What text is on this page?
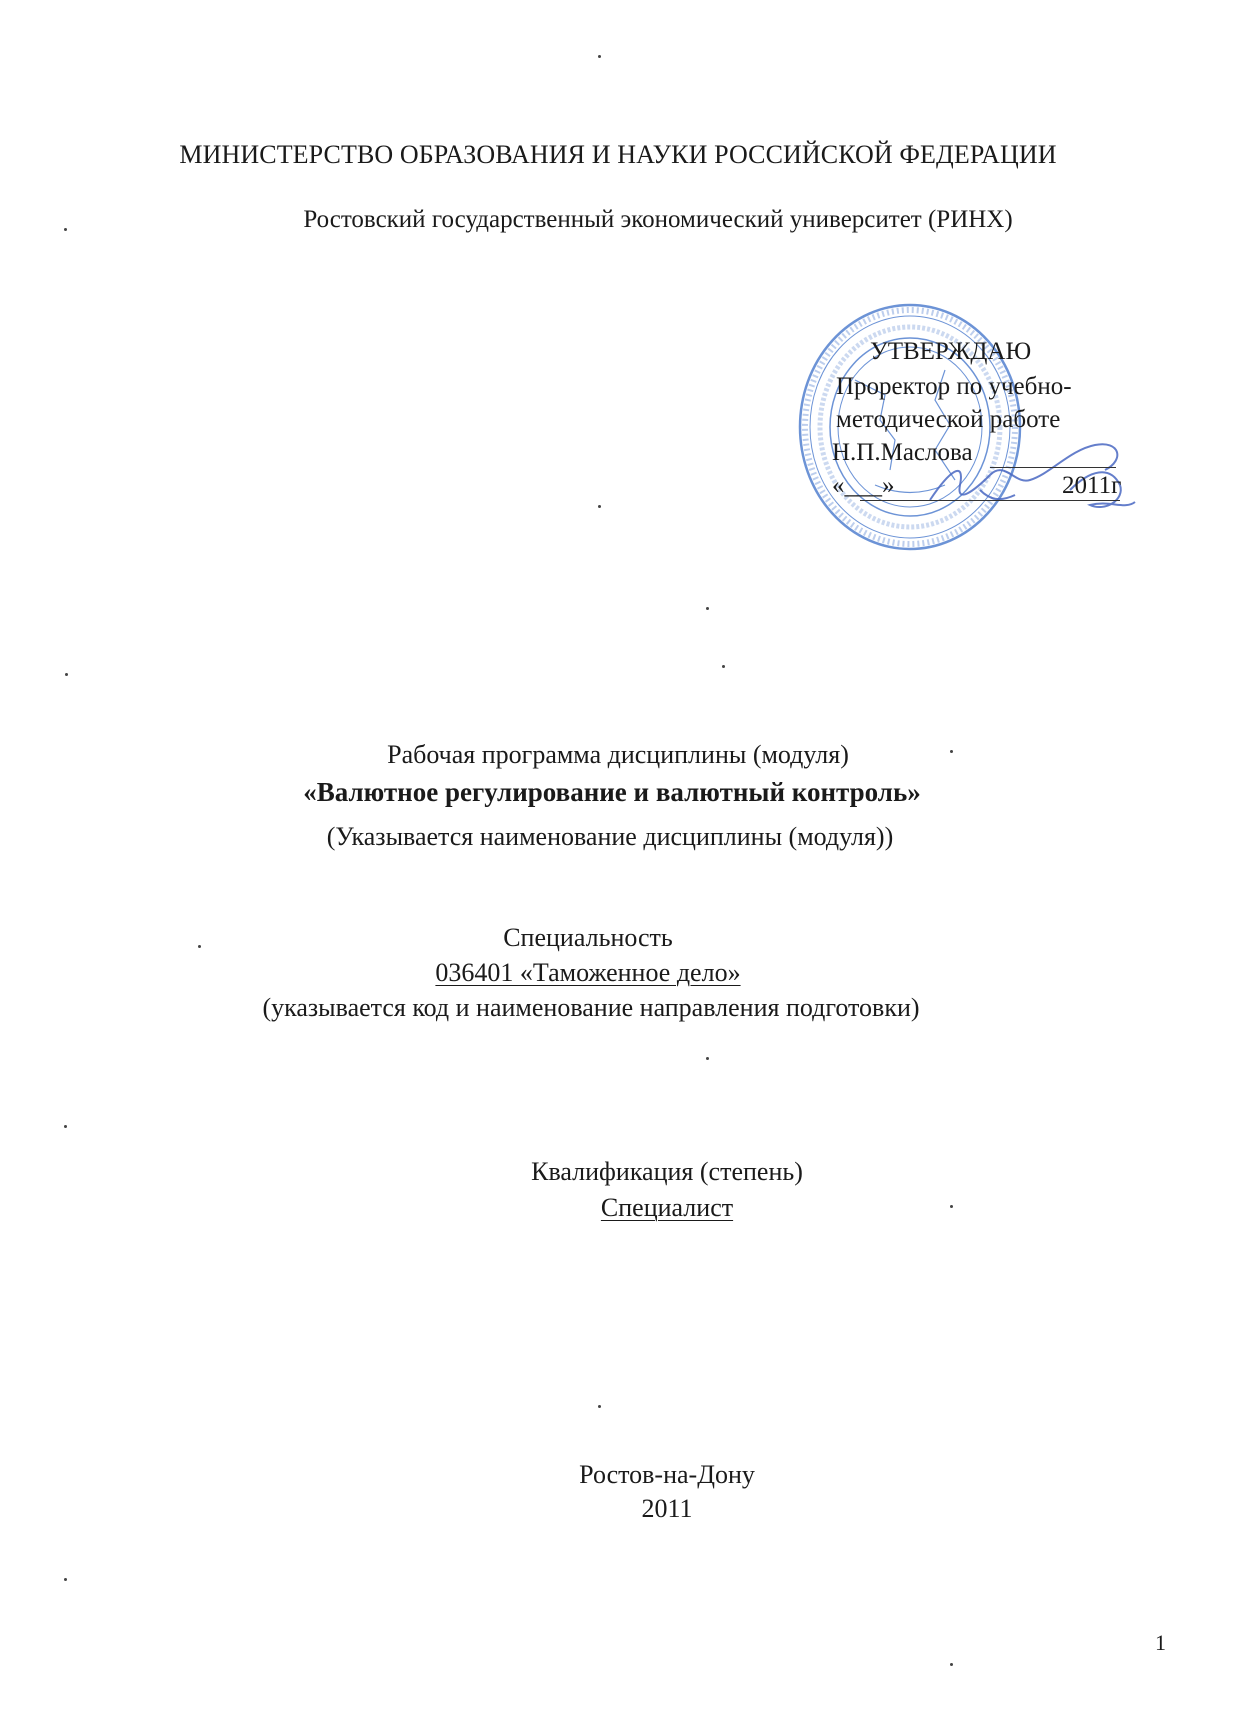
МИНИСТЕРСТВО ОБРАЗОВАНИЯ И НАУКИ РОССИЙСКОЙ ФЕДЕРАЦИИ
Ростовский государственный экономический университет (РИНХ)
УТВЕРЖДАЮ
Проректор по учебно-
методической работе
Н.П.Маслова
«___»	2011г
Рабочая программа дисциплины (модуля)
«Валютное регулирование и валютный контроль»
(Указывается наименование дисциплины (модуля))
Специальность
036401 «Таможенное дело»
(указывается код и наименование направления подготовки)
Квалификация (степень)
Специалист
Ростов-на-Дону
2011
1
